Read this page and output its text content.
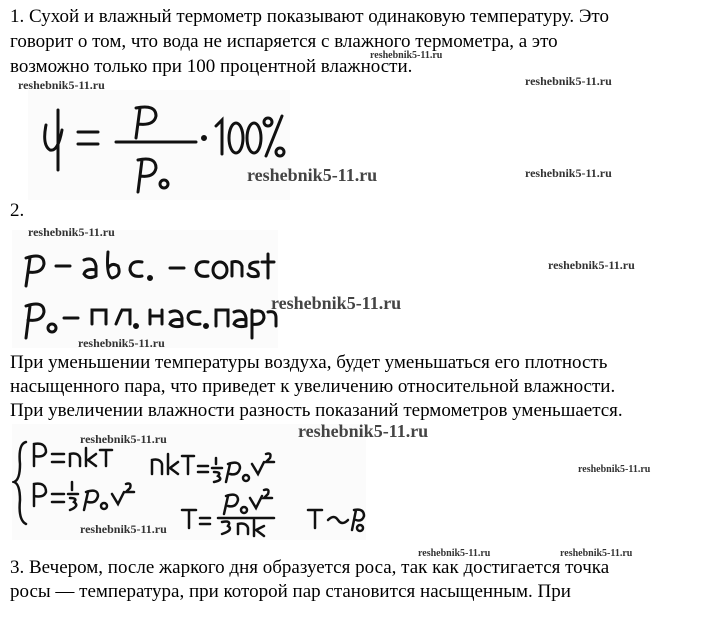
1. Сухой и влажный термометр показывают одинаковую температуру. Это
говорит о том, что вода не испаряется с влажного термометра, а это
возможно только при 100 процентной влажности.
2.
При уменьшении температуры воздуха, будет уменьшаться его плотность
насыщенного пара, что приведет к увеличению относительной влажности.
При увеличении влажности разность показаний термометров уменьшается.
3. Вечером, после жаркого дня образуется роса, так как достигается точка
росы — температура, при которой пар становится насыщенным. При
reshebnik5-11.ru
reshebnik5-11.ru	reshebnik5-11.ru
reshebnik5-11.ru	reshebnik5-11.ru
reshebnik5-11.ru
reshebnik5-11.ru
reshebnik5-11.ru
reshebnik5-11.ru
reshebnik5-11.ru	reshebnik5-11.ru
reshebnik5-11.ru
reshebnik5-11.ru
reshebnik5-11.ru	reshebnik5-11.ru
